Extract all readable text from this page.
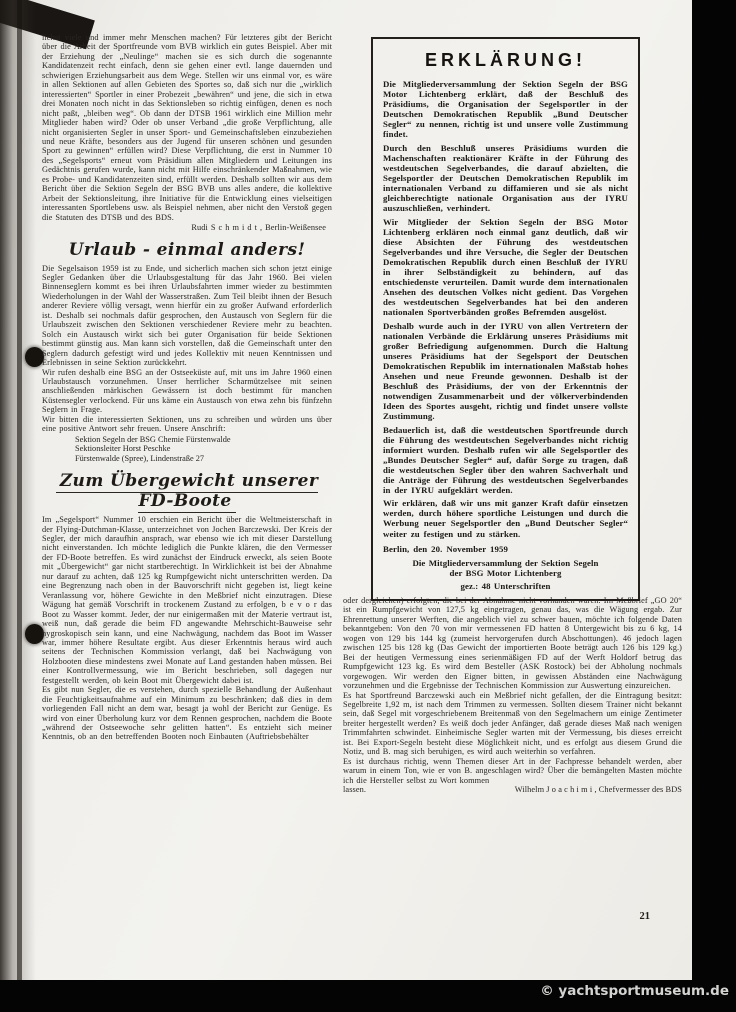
lichst viele und immer mehr Menschen machen? Für letzteres gibt der Bericht über die Arbeit der Sportfreunde vom BVB wirklich ein gutes Beispiel. Aber mit der Erziehung der „Neulinge“ machen sie es sich durch die sogenannte Kandidatenzeit recht einfach, denn sie gehen einer evtl. lange dauernden und schwierigen Erziehungsarbeit aus dem Wege. Stellen wir uns einmal vor, es wäre in allen Sektionen auf allen Gebieten des Sportes so, daß sich nur die „wirklich interessierten“ Sportler in einer Probezeit „bewähren“ und jene, die sich in etwa drei Monaten noch nicht in das Sektionsleben so richtig einfügen, denen es noch nicht paßt, „bleiben weg“. Ob dann der DTSB 1961 wirklich eine Million mehr Mitglieder haben wird? Oder ob unser Verband „die große Verpflichtung, alle nicht organisierten Segler in unser Sport- und Gemeinschaftsleben einzubeziehen und neue Kräfte, besonders aus der Jugend für unseren schönen und gesunden Sport zu gewinnen“ erfüllen wird? Diese Verpflichtung, die erst in Nummer 10 des „Segelsports“ erneut vom Präsidium allen Mitgliedern und Leitungen ins Gedächtnis gerufen wurde, kann nicht mit Hilfe einschränkender Maßnahmen, wie es Probe- und Kandidatenzeiten sind, erfüllt werden. Deshalb sollten wir aus dem Bericht über die Sektion Segeln der BSG BVB uns alles andere, die kollektive Arbeit der Sektionsleitung, ihre Initiative für die Entwicklung eines vielseitigen interessanten Sportlebens usw. als Beispiel nehmen, aber nicht den Verstoß gegen die Statuten des DTSB und des BDS.

Rudi S c h m i d t , Berlin-Weißensee

Urlaub - einmal anders!

Die Segelsaison 1959 ist zu Ende, und sicherlich machen sich schon jetzt einige Segler Gedanken über die Urlaubsgestaltung für das Jahr 1960. Bei vielen Binnenseglern kommt es bei ihren Urlaubsfahrten immer wieder zu bestimmten Wiederholungen in der Wahl der Wasserstraßen. Zum Teil bleibt ihnen der Besuch anderer Reviere völlig versagt, wenn hierfür ein zu großer Aufwand erforderlich ist. Deshalb sei nochmals dafür gesprochen, den Austausch von Seglern für die Urlaubszeit zwischen den Sektionen verschiedener Reviere mehr zu beachten. Solch ein Austausch wirkt sich bei guter Organisation für beide Sektionen bestimmt günstig aus. Man kann sich vorstellen, daß die Gemeinschaft unter den Seglern dadurch gefestigt wird und jedes Kollektiv mit neuen Kenntnissen und Erlebnissen in seine Sektion zurückkehrt.

Wir rufen deshalb eine BSG an der Ostseeküste auf, mit uns im Jahre 1960 einen Urlaubstausch vorzunehmen. Unser herrlicher Scharmützelsee mit seinen anschließenden märkischen Gewässern ist doch bestimmt für manchen Küstensegler verlockend. Für uns käme ein Austausch von etwa zehn bis fünfzehn Seglern in Frage.

Wir bitten die interessierten Sektionen, uns zu schreiben und würden uns über eine positive Antwort sehr freuen. Unsere Anschrift:

Sektion Segeln der BSG Chemie Fürstenwalde
Sektionsleiter Horst Peschke
Fürstenwalde (Spree), Lindenstraße 27
Zum Übergewicht unserer FD-Boote

Im „Segelsport“ Nummer 10 erschien ein Bericht über die Weltmeisterschaft in der Flying-Dutchman-Klasse, unterzeichnet von Jochen Barczewski. Der Kreis der Segler, der mich daraufhin ansprach, war ebenso wie ich mit dieser Darstellung nicht einverstanden. Ich möchte lediglich die Punkte klären, die den Vermesser der FD-Boote betreffen. Es wird zunächst der Eindruck erweckt, als seien Boote mit „Übergewicht“ gar nicht startberechtigt. In Wirklichkeit ist bei der Abnahme nur darauf zu achten, daß 125 kg Rumpfgewicht nicht unterschritten werden. Da eine Begrenzung nach oben in der Bauvorschrift nicht gegeben ist, liegt keine Veranlassung vor, höhere Gewichte in den Meßbrief nicht einzutragen. Diese Wägung hat gemäß Vorschrift in trockenem Zustand zu erfolgen, b e v o r das Boot zu Wasser kommt. Jeder, der nur einigermaßen mit der Materie vertraut ist, weiß nun, daß gerade die beim FD angewandte Mehrschicht-Bauweise sehr hygroskopisch sein kann, und eine Nachwägung, nachdem das Boot im Wasser war, immer höhere Resultate ergibt. Aus dieser Erkenntnis heraus wird auch seitens der Technischen Kommission verlangt, daß bei Nachwägung von Holzbooten diese mindestens zwei Monate auf Land gestanden haben müssen. Bei einer Kontrollvermessung, wie im Bericht beschrieben, soll dagegen nur festgestellt werden, ob kein Boot mit Übergewicht dabei ist.

Es gibt nun Segler, die es verstehen, durch spezielle Behandlung der Außenhaut die Feuchtigkeitsaufnahme auf ein Minimum zu beschränken; daß dies in dem vorliegenden Fall nicht an dem war, besagt ja wohl der Bericht zur Genüge. Es wird von einer Überholung kurz vor dem Rennen gesprochen, nachdem die Boote „während der Ostseewoche sehr gelitten hatten“. Es entzieht sich meiner Kenntnis, ob an den betreffenden Booten noch Einbauten (Auftriebsbehälter

ERKLÄRUNG!

Die Mitgliederversammlung der Sektion Segeln der BSG Motor Lichtenberg erklärt, daß der Beschluß des Präsidiums, die Organisation der Segelsportler in der Deutschen Demokratischen Republik „Bund Deutscher Segler“ zu nennen, richtig ist und unsere volle Zustimmung findet.

Durch den Beschluß unseres Präsidiums wurden die Machenschaften reaktionärer Kräfte in der Führung des westdeutschen Segelverbandes, die darauf abzielten, die Segelsportler der Deutschen Demokratischen Republik im internationalen Verband zu diffamieren und sie als nicht gleichberechtigte nationale Organisation aus der IYRU auszuschließen, verhindert.

Wir Mitglieder der Sektion Segeln der BSG Motor Lichtenberg erklären noch einmal ganz deutlich, daß wir diese Absichten der Führung des westdeutschen Segelverbandes und ihre Versuche, die Segler der Deutschen Demokratischen Republik durch einen Beschluß der IYRU in ihrer Selbständigkeit zu behindern, auf das entschiedenste verurteilen. Damit wurde dem internationalen Ansehen des deutschen Volkes nicht gedient. Das Vorgehen des westdeutschen Segelverbandes hat bei den anderen nationalen Sportverbänden großes Befremden ausgelöst.

Deshalb wurde auch in der IYRU von allen Vertretern der nationalen Verbände die Erklärung unseres Präsidiums mit großer Befriedigung aufgenommen. Durch die Haltung unseres Präsidiums hat der Segelsport der Deutschen Demokratischen Republik im internationalen Maßstab hohes Ansehen und neue Freunde gewonnen. Deshalb ist der Beschluß des Präsidiums, der von der Erkenntnis der notwendigen Zusammenarbeit und der völkerverbindenden Ideen des Sportes ausgeht, richtig und findet unsere vollste Zustimmung.

Bedauerlich ist, daß die westdeutschen Sportfreunde durch die Führung des westdeutschen Segelverbandes nicht richtig informiert wurden. Deshalb rufen wir alle Segelsportler des „Bundes Deutscher Segler“ auf, dafür Sorge zu tragen, daß die westdeutschen Segler über den wahren Sachverhalt und die Anträge der Führung des westdeutschen Segelverbandes in der IYRU aufgeklärt werden.

Wir erklären, daß wir uns mit ganzer Kraft dafür einsetzen werden, durch höhere sportliche Leistungen und durch die Werbung neuer Segelsportler den „Bund Deutscher Segler“ weiter zu festigen und zu stärken.

Berlin, den 20. November 1959

Die Mitgliederversammlung der Sektion Segeln

der BSG Motor Lichtenberg

gez.: 48 Unterschriften

oder dergleichen) erfolgten, die bei der Abnahme nicht vorhanden waren. Im Meßbrief „GO 20“ ist ein Rumpfgewicht von 127,5 kg eingetragen, genau das, was die Wägung ergab. Zur Ehrenrettung unserer Werften, die angeblich viel zu schwer bauen, möchte ich folgende Daten bekanntgeben: Von den 70 von mir vermessenen FD hatten 8 Untergewicht bis zu 6 kg, 14 wogen von 129 bis 144 kg (zumeist hervorgerufen durch Abschottungen). 46 jedoch lagen zwischen 125 bis 128 kg (Das Gewicht der importierten Boote beträgt auch 126 bis 129 kg.) Bei der heutigen Vermessung eines serienmäßigen FD auf der Werft Holdorf betrug das Rumpfgewicht 123 kg. Es wird dem Besteller (ASK Rostock) bei der Abholung nochmals vorgewogen. Wir werden den Eigner bitten, in gewissen Abständen eine Nachwägung vorzunehmen und die Ergebnisse der Technischen Kommission zur Auswertung einzureichen.

Es hat Sportfreund Barczewski auch ein Meßbrief nicht gefallen, der die Eintragung besitzt: Segelbreite 1,92 m, ist nach dem Trimmen zu vermessen. Sollten diesem Trainer nicht bekannt sein, daß Segel mit vorgeschriebenem Breitenmaß von den Segelmachern um einige Zentimeter breiter hergestellt werden? Es weiß doch jeder Anfänger, daß gerade dieses Maß nach wenigen Trimmfahrten schwindet. Einheimische Segler warten mit der Vermessung, bis dieses erreicht ist. Bei Export-Segeln besteht diese Möglichkeit nicht, und es erfolgt aus diesem Grund die Notiz, und B. mag sich beruhigen, es wird auch weiterhin so verfahren.

Es ist durchaus richtig, wenn Themen dieser Art in der Fachpresse behandelt werden, aber warum in einem Ton, wie er von B. angeschlagen wird? Über die bemängelten Masten möchte ich die Hersteller selbst zu Wort kommen

lassen.	Wilhelm J o a c h i m i , Chefvermesser des BDS
21
© yachtsportmuseum.de
